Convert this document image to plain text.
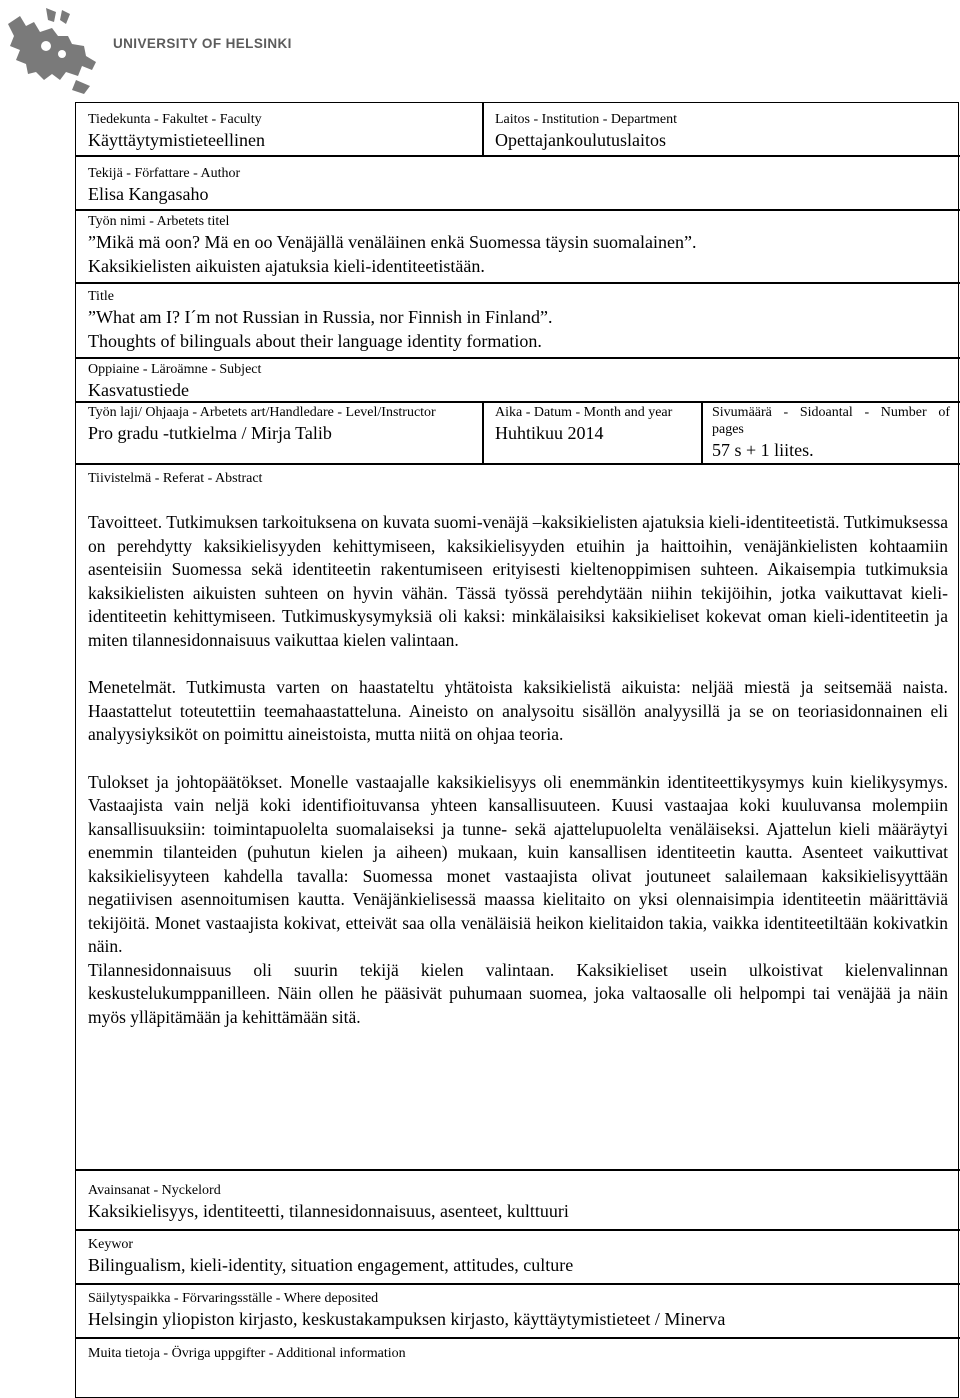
UNIVERSITY OF HELSINKI
Tiedekunta - Fakultet - Faculty
Käyttäytymistieteellinen
Laitos - Institution - Department
Opettajankoulutuslaitos
Tekijä - Författare - Author
Elisa Kangasaho
Työn nimi - Arbetets titel
”Mikä mä oon? Mä en oo Venäjällä venäläinen enkä Suomessa täysin suomalainen”.
Kaksikielisten aikuisten ajatuksia kieli-identiteetistään.
Title
”What am I? I´m not Russian in Russia, nor Finnish in Finland”.
Thoughts of bilinguals about their language identity formation.
Oppiaine - Läroämne - Subject
Kasvatustiede
Työn laji/ Ohjaaja - Arbetets art/Handledare - Level/Instructor
Pro gradu -tutkielma / Mirja Talib
Aika - Datum - Month and year
Huhtikuu 2014
Sivumäärä - Sidoantal - Number of
pages
57 s + 1 liites.
Tiivistelmä - Referat - Abstract

Tavoitteet. Tutkimuksen tarkoituksena on kuvata suomi-venäjä –kaksikielisten ajatuksia kieli-identiteetistä. Tutkimuksessa on perehdytty kaksikielisyyden kehittymiseen, kaksikielisyyden etuihin ja haittoihin, venäjänkielisten kohtaamiin asenteisiin Suomessa sekä identiteetin rakentumiseen erityisesti kieltenoppimisen suhteen. Aikaisempia tutkimuksia kaksikielisten aikuisten suhteen on hyvin vähän. Tässä työssä perehdytään niihin tekijöihin, jotka vaikuttavat kieli-identiteetin kehittymiseen. Tutkimuskysymyksiä oli kaksi: minkälaisiksi kaksikieliset kokevat oman kieli-identiteetin ja miten tilannesidonnaisuus vaikuttaa kielen valintaan.

Menetelmät. Tutkimusta varten on haastateltu yhtätoista kaksikielistä aikuista: neljää miestä ja seitsemää naista. Haastattelut toteutettiin teemahaastatteluna. Aineisto on analysoitu sisällön analyysillä ja se on teoriasidonnainen eli analyysiyksiköt on poimittu aineistoista, mutta niitä on ohjaa teoria.

Tulokset ja johtopäätökset. Monelle vastaajalle kaksikielisyys oli enemmänkin identiteettikysymys kuin kielikysymys. Vastaajista vain neljä koki identifioituvansa yhteen kansallisuuteen. Kuusi vastaajaa koki kuuluvansa molempiin kansallisuuksiin: toimintapuolelta suomalaiseksi ja tunne- sekä ajattelupuolelta venäläiseksi. Ajattelun kieli määräytyi enemmin tilanteiden (puhutun kielen ja aiheen) mukaan, kuin kansallisen identiteetin kautta. Asenteet vaikuttivat kaksikielisyyteen kahdella tavalla: Suomessa monet vastaajista olivat joutuneet salailemaan kaksikielisyyttään negatiivisen asennoitumisen kautta. Venäjänkielisessä maassa kielitaito on yksi olennaisimpia identiteetin määrittäviä tekijöitä. Monet vastaajista kokivat, etteivät saa olla venäläisiä heikon kielitaidon takia, vaikka identiteetiltään kokivatkin näin.

Tilannesidonnaisuus oli suurin tekijä kielen valintaan. Kaksikieliset usein ulkoistivat kielenvalinnan keskustelukumppanilleen. Näin ollen he pääsivät puhumaan suomea, joka valtaosalle oli helpompi tai venäjää ja näin myös ylläpitämään ja kehittämään sitä.

Avainsanat - Nyckelord
Kaksikielisyys, identiteetti, tilannesidonnaisuus, asenteet, kulttuuri
Keywor
Bilingualism, kieli-identity, situation engagement, attitudes, culture
Säilytyspaikka - Förvaringsställe - Where deposited
Helsingin yliopiston kirjasto, keskustakampuksen kirjasto, käyttäytymistieteet / Minerva
Muita tietoja - Övriga uppgifter - Additional information
